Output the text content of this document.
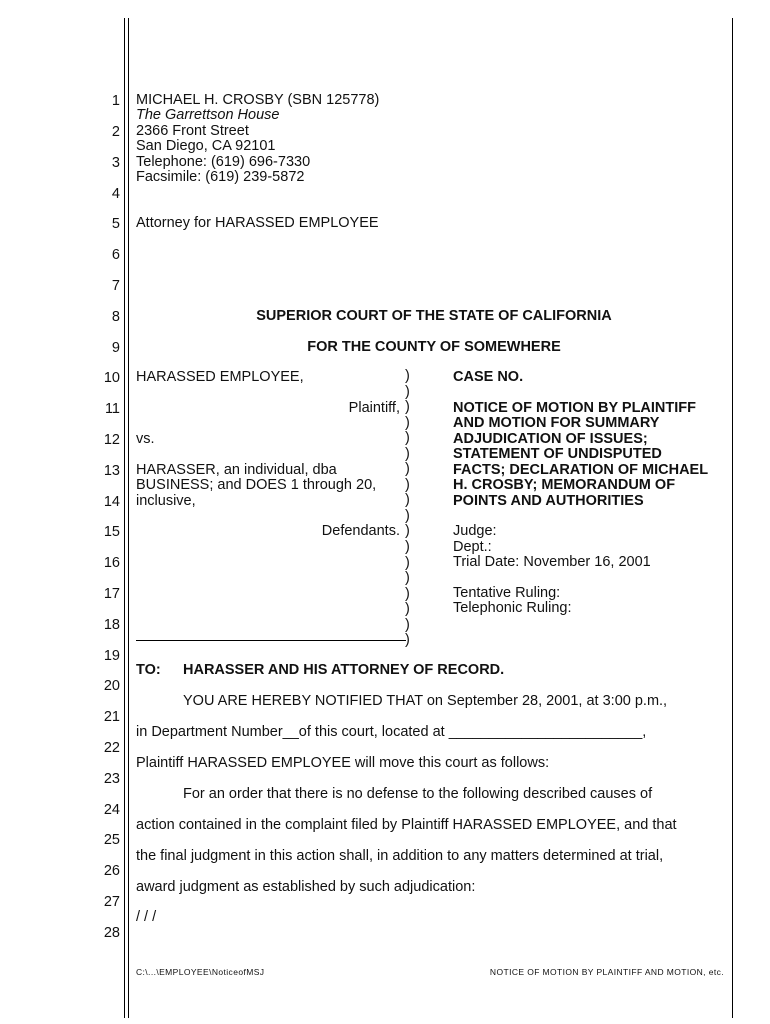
1
2
3
4
5
6
7
8
9
10
11
12
13
14
15
16
17
18
19
20
21
22
23
24
25
26
27
28
MICHAEL H. CROSBY (SBN 125778)
The Garrettson House
2366 Front Street
San Diego, CA 92101
Telephone: (619) 696-7330
Facsimile: (619) 239-5872
Attorney for HARASSED EMPLOYEE
SUPERIOR COURT OF THE STATE OF CALIFORNIA
FOR THE COUNTY OF SOMEWHERE
HARASSED EMPLOYEE,
Plaintiff,
vs.
HARASSER, an individual, dba
BUSINESS; and DOES 1 through 20,
inclusive,
Defendants.
)
)
)
)
)
)
)
)
)
)
)
)
)
)
)
)
)
)
CASE NO.
NOTICE OF MOTION BY PLAINTIFF
AND MOTION FOR SUMMARY
ADJUDICATION OF ISSUES;
STATEMENT OF UNDISPUTED
FACTS; DECLARATION OF MICHAEL
H. CROSBY; MEMORANDUM OF
POINTS AND AUTHORITIES
Judge:
Dept.:
Trial Date: November 16, 2001
Tentative Ruling:
Telephonic Ruling:
TO: HARASSER AND HIS ATTORNEY OF RECORD.
YOU ARE HEREBY NOTIFIED THAT on September 28, 2001, at 3:00 p.m.,
in Department Number__of this court, located at ________________________,
Plaintiff HARASSED EMPLOYEE will move this court as follows:
For an order that there is no defense to the following described causes of
action contained in the complaint filed by Plaintiff HARASSED EMPLOYEE, and that
the final judgment in this action shall, in addition to any matters determined at trial,
award judgment as established by such adjudication:
/ / /
C:\...\EMPLOYEE\NoticeofMSJ	NOTICE OF MOTION BY PLAINTIFF AND MOTION, etc.
